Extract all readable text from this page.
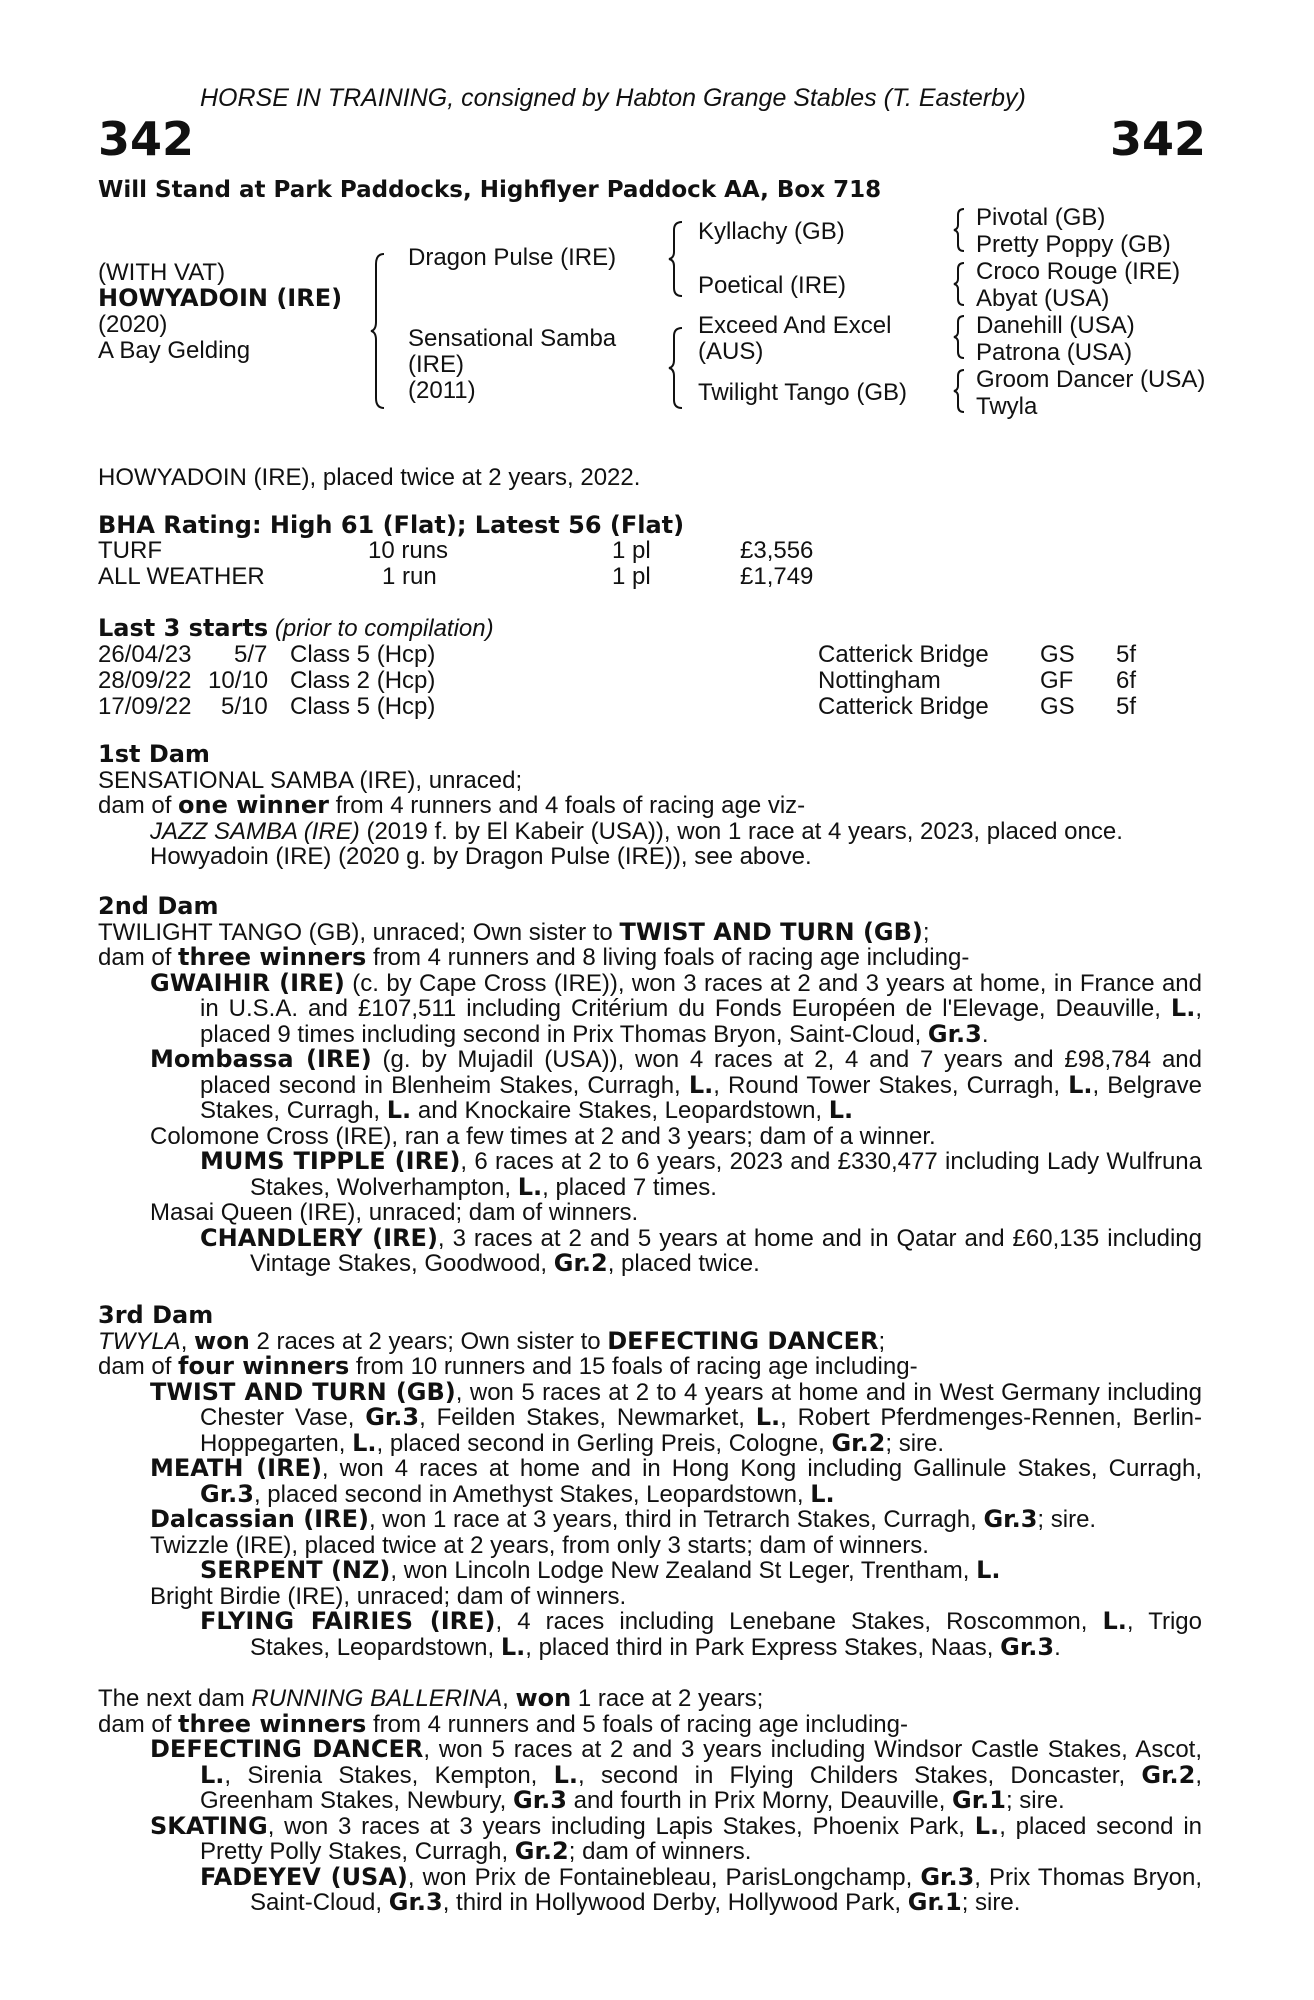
HORSE IN TRAINING, consigned by Habton Grange Stables (T. Easterby)
342	342
Will Stand at Park Paddocks, Highflyer Paddock AA, Box 718
(WITH VAT)
HOWYADOIN (IRE)
(2020)
A Bay Gelding
Dragon Pulse (IRE)
Sensational Samba
(IRE)
(2011)
Kyllachy (GB)
Poetical (IRE)
Exceed And Excel
(AUS)
Twilight Tango (GB)
Pivotal (GB)
Pretty Poppy (GB)
Croco Rouge (IRE)
Abyat (USA)
Danehill (USA)
Patrona (USA)
Groom Dancer (USA)
Twyla
HOWYADOIN (IRE), placed twice at 2 years, 2022.
BHA Rating: High 61 (Flat); Latest 56 (Flat)
TURF	10 runs	1 pl	£3,556
ALL WEATHER	1 run	1 pl	£1,749
Last 3 starts (prior to compilation)
26/04/23 5/7 Class 5 (Hcp)	Catterick Bridge GS 5f
28/09/22 10/10 Class 2 (Hcp)	Nottingham	GF 6f
17/09/22 5/10 Class 5 (Hcp)	Catterick Bridge GS 5f

1st Dam

SENSATIONAL SAMBA (IRE), unraced;

dam of one winner from 4 runners and 4 foals of racing age viz-

JAZZ SAMBA (IRE) (2019 f. by El Kabeir (USA)), won 1 race at 4 years, 2023, placed once.

Howyadoin (IRE) (2020 g. by Dragon Pulse (IRE)), see above.

2nd Dam

TWILIGHT TANGO (GB), unraced; Own sister to TWIST AND TURN (GB);

dam of three winners from 4 runners and 8 living foals of racing age including-

GWAIHIR (IRE) (c. by Cape Cross (IRE)), won 3 races at 2 and 3 years at home, in France and in U.S.A. and £107,511 including Critérium du Fonds Européen de l'Elevage, Deauville, L., placed 9 times including second in Prix Thomas Bryon, Saint-Cloud, Gr.3.

Mombassa (IRE) (g. by Mujadil (USA)), won 4 races at 2, 4 and 7 years and £98,784 and placed second in Blenheim Stakes, Curragh, L., Round Tower Stakes, Curragh, L., Belgrave Stakes, Curragh, L. and Knockaire Stakes, Leopardstown, L.

Colomone Cross (IRE), ran a few times at 2 and 3 years; dam of a winner.

MUMS TIPPLE (IRE), 6 races at 2 to 6 years, 2023 and £330,477 including Lady Wulfruna Stakes, Wolverhampton, L., placed 7 times.

Masai Queen (IRE), unraced; dam of winners.

CHANDLERY (IRE), 3 races at 2 and 5 years at home and in Qatar and £60,135 including Vintage Stakes, Goodwood, Gr.2, placed twice.

3rd Dam

TWYLA, won 2 races at 2 years; Own sister to DEFECTING DANCER;

dam of four winners from 10 runners and 15 foals of racing age including-

TWIST AND TURN (GB), won 5 races at 2 to 4 years at home and in West Germany including Chester Vase, Gr.3, Feilden Stakes, Newmarket, L., Robert Pferdmenges-Rennen, Berlin-Hoppegarten, L., placed second in Gerling Preis, Cologne, Gr.2; sire.

MEATH (IRE), won 4 races at home and in Hong Kong including Gallinule Stakes, Curragh, Gr.3, placed second in Amethyst Stakes, Leopardstown, L.

Dalcassian (IRE), won 1 race at 3 years, third in Tetrarch Stakes, Curragh, Gr.3; sire.

Twizzle (IRE), placed twice at 2 years, from only 3 starts; dam of winners.

SERPENT (NZ), won Lincoln Lodge New Zealand St Leger, Trentham, L.

Bright Birdie (IRE), unraced; dam of winners.

FLYING FAIRIES (IRE), 4 races including Lenebane Stakes, Roscommon, L., Trigo Stakes, Leopardstown, L., placed third in Park Express Stakes, Naas, Gr.3.

The next dam RUNNING BALLERINA, won 1 race at 2 years;

dam of three winners from 4 runners and 5 foals of racing age including-

DEFECTING DANCER, won 5 races at 2 and 3 years including Windsor Castle Stakes, Ascot, L., Sirenia Stakes, Kempton, L., second in Flying Childers Stakes, Doncaster, Gr.2, Greenham Stakes, Newbury, Gr.3 and fourth in Prix Morny, Deauville, Gr.1; sire.

SKATING, won 3 races at 3 years including Lapis Stakes, Phoenix Park, L., placed second in Pretty Polly Stakes, Curragh, Gr.2; dam of winners.

FADEYEV (USA), won Prix de Fontainebleau, ParisLongchamp, Gr.3, Prix Thomas Bryon, Saint-Cloud, Gr.3, third in Hollywood Derby, Hollywood Park, Gr.1; sire.
